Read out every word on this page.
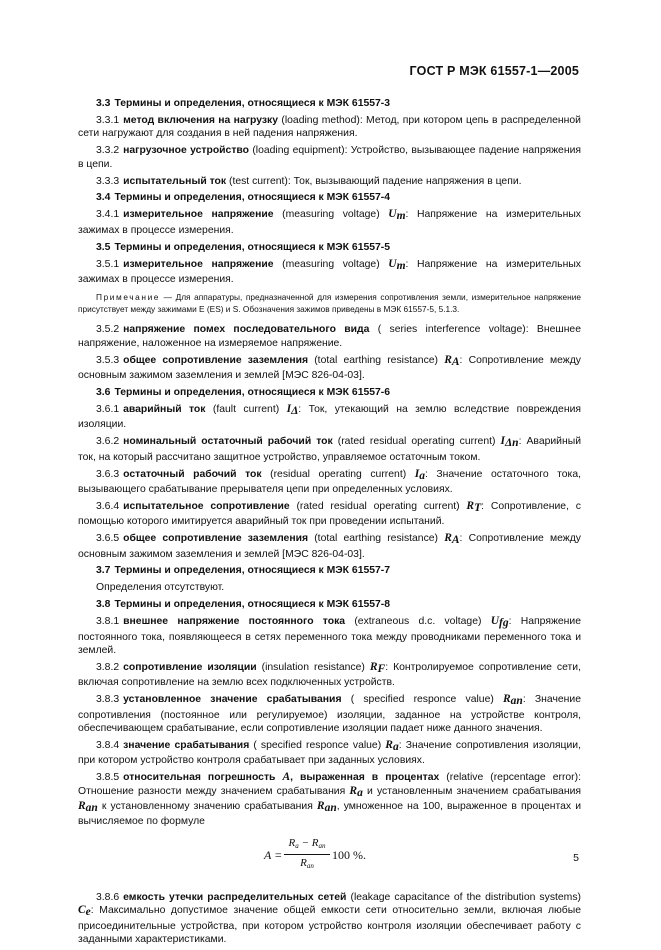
ГОСТ Р МЭК 61557-1—2005
3.3 Термины и определения, относящиеся к МЭК 61557-3

3.3.1 метод включения на нагрузку (loading method): Метод, при котором цепь в распределенной сети нагружают для создания в ней падения напряжения.

3.3.2 нагрузочное устройство (loading equipment): Устройство, вызывающее падение напряжения в цепи.

3.3.3 испытательный ток (test current): Ток, вызывающий падение напряжения в цепи.

3.4 Термины и определения, относящиеся к МЭК 61557-4

3.4.1 измерительное напряжение (measuring voltage) $U_m$: Напряжение на измерительных зажимах в процессе измерения.

3.5 Термины и определения, относящиеся к МЭК 61557-5

3.5.1 измерительное напряжение (measuring voltage) $U_m$: Напряжение на измерительных зажимах в процессе измерения.

Примечание — Для аппаратуры, предназначенной для измерения сопротивления земли, измерительное напряжение присутствует между зажимами E (ES) и S. Обозначения зажимов приведены в МЭК 61557-5, 5.1.3.

3.5.2 напряжение помех последовательного вида ( series interference voltage): Внешнее напряжение, наложенное на измеряемое напряжение.

3.5.3 общее сопротивление заземления (total earthing resistance) $R_A$: Сопротивление между основным зажимом заземления и землей [МЭС 826-04-03].

3.6 Термины и определения, относящиеся к МЭК 61557-6

3.6.1 аварийный ток (fault current) $I_\Delta$: Ток, утекающий на землю вследствие повреждения изоляции.

3.6.2 номинальный остаточный рабочий ток (rated residual operating current) $I_{\Delta n}$: Аварийный ток, на который рассчитано защитное устройство, управляемое остаточным током.

3.6.3 остаточный рабочий ток (residual operating current) $I_a$: Значение остаточного тока, вызывающего срабатывание прерывателя цепи при определенных условиях.

3.6.4 испытательное сопротивление (rated residual operating current) $R_T$: Сопротивление, с помощью которого имитируется аварийный ток при проведении испытаний.

3.6.5 общее сопротивление заземления (total earthing resistance) $R_A$: Сопротивление между основным зажимом заземления и землей [МЭС 826-04-03].

3.7 Термины и определения, относящиеся к МЭК 61557-7

Определения отсутствуют.

3.8 Термины и определения, относящиеся к МЭК 61557-8

3.8.1 внешнее напряжение постоянного тока (extraneous d.c. voltage) $U_{fg}$: Напряжение постоянного тока, появляющееся в сетях переменного тока между проводниками переменного тока и землей.

3.8.2 сопротивление изоляции (insulation resistance) $R_F$: Контролируемое сопротивление сети, включая сопротивление на землю всех подключенных устройств.

3.8.3 установленное значение срабатывания ( specified responce value) $R_{an}$: Значение сопротивления (постоянное или регулируемое) изоляции, заданное на устройстве контроля, обеспечивающем срабатывание, если сопротивление изоляции падает ниже данного значения.

3.8.4 значение срабатывания ( specified responce value) $R_a$: Значение сопротивления изоляции, при котором устройство контроля срабатывает при заданных условиях.

3.8.5 относительная погрешность A, выраженная в процентах (relative (repcentage error): Отношение разности между значением срабатывания $R_a$ и установленным значением срабатывания $R_{an}$ к установленному значению срабатывания $R_{an}$, умноженное на 100, выраженное в процентах и вычисляемое по формуле

A =
$R_a - R_{an}$
$R_{an}$
100 %.

3.8.6 емкость утечки распределительных сетей (leakage capacitance of the distribution systems) $C_e$: Максимально допустимое значение общей емкости сети относительно земли, включая любые присоединительные устройства, при котором устройство контроля изоляции обеспечивает работу с заданными характеристиками.

5
